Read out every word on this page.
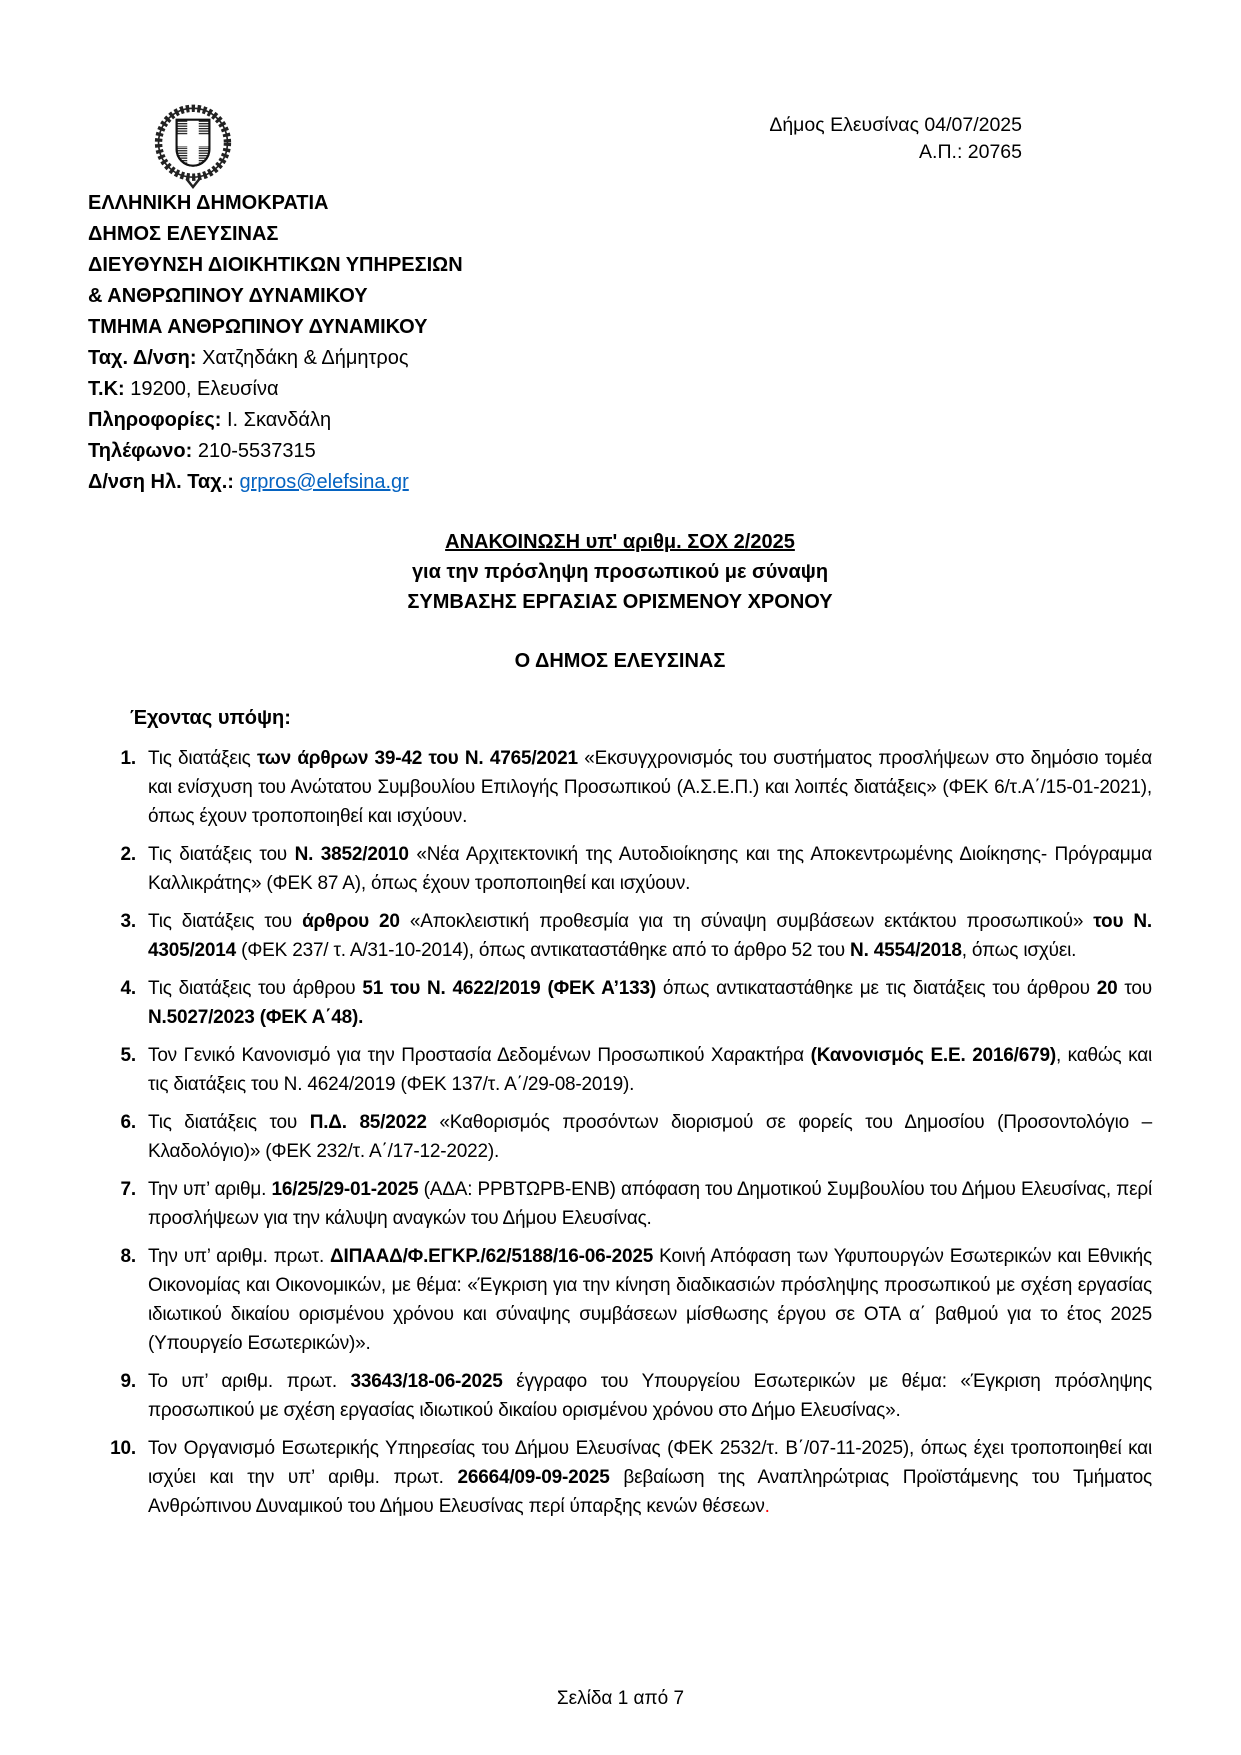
Δήμος Ελευσίνας 04/07/2025
Α.Π.: 20765
ΕΛΛΗΝΙΚΗ ΔΗΜΟΚΡΑΤΙΑ
ΔΗΜΟΣ ΕΛΕΥΣΙΝΑΣ
ΔΙΕΥΘΥΝΣΗ ΔΙΟΙΚΗΤΙΚΩΝ ΥΠΗΡΕΣΙΩΝ
& ΑΝΘΡΩΠΙΝΟΥ ΔΥΝΑΜΙΚΟΥ
ΤΜΗΜΑ ΑΝΘΡΩΠΙΝΟΥ ΔΥΝΑΜΙΚΟΥ
Ταχ. Δ/νση: Χατζηδάκη & Δήμητρος
Τ.Κ: 19200, Ελευσίνα
Πληροφορίες: Ι. Σκανδάλη
Τηλέφωνο: 210-5537315
Δ/νση Ηλ. Ταχ.: grpros@elefsina.gr
ΑΝΑΚΟΙΝΩΣΗ υπ' αριθμ. ΣΟΧ 2/2025
για την πρόσληψη προσωπικού με σύναψη
ΣΥΜΒΑΣΗΣ ΕΡΓΑΣΙΑΣ ΟΡΙΣΜΕΝΟΥ ΧΡΟΝΟΥ
Ο ΔΗΜΟΣ ΕΛΕΥΣΙΝΑΣ
Έχοντας υπόψη:
1. Τις διατάξεις των άρθρων 39-42 του Ν. 4765/2021 «Εκσυγχρονισμός του συστήματος προσλήψεων στο δημόσιο τομέα και ενίσχυση του Ανώτατου Συμβουλίου Επιλογής Προσωπικού (Α.Σ.Ε.Π.) και λοιπές διατάξεις» (ΦΕΚ 6/τ.Α΄/15-01-2021), όπως έχουν τροποποιηθεί και ισχύουν.
2. Τις διατάξεις του Ν. 3852/2010 «Νέα Αρχιτεκτονική της Αυτοδιοίκησης και της Αποκεντρωμένης Διοίκησης- Πρόγραμμα Καλλικράτης» (ΦΕΚ 87 Α), όπως έχουν τροποποιηθεί και ισχύουν.
3. Τις διατάξεις του άρθρου 20 «Αποκλειστική προθεσμία για τη σύναψη συμβάσεων εκτάκτου προσωπικού» του Ν. 4305/2014 (ΦΕΚ 237/ τ. Α/31-10-2014), όπως αντικαταστάθηκε από το άρθρο 52 του Ν. 4554/2018, όπως ισχύει.
4. Τις διατάξεις του άρθρου 51 του Ν. 4622/2019 (ΦΕΚ Α’133) όπως αντικαταστάθηκε με τις διατάξεις του άρθρου 20 του Ν.5027/2023 (ΦΕΚ Α΄48).
5. Τον Γενικό Κανονισμό για την Προστασία Δεδομένων Προσωπικού Χαρακτήρα (Κανονισμός Ε.Ε. 2016/679), καθώς και τις διατάξεις του Ν. 4624/2019 (ΦΕΚ 137/τ. Α΄/29-08-2019).
6. Τις διατάξεις του Π.Δ. 85/2022 «Καθορισμός προσόντων διορισμού σε φορείς του Δημοσίου (Προσοντολόγιο – Κλαδολόγιο)» (ΦΕΚ 232/τ. Α΄/17-12-2022).
7. Την υπ’ αριθμ. 16/25/29-01-2025 (ΑΔΑ: ΡΡΒΤΩΡΒ-ΕΝΒ) απόφαση του Δημοτικού Συμβουλίου του Δήμου Ελευσίνας, περί προσλήψεων για την κάλυψη αναγκών του Δήμου Ελευσίνας.
8. Την υπ’ αριθμ. πρωτ. ΔΙΠΑΑΔ/Φ.ΕΓΚΡ./62/5188/16-06-2025 Κοινή Απόφαση των Υφυπουργών Εσωτερικών και Εθνικής Οικονομίας και Οικονομικών, με θέμα: «Έγκριση για την κίνηση διαδικασιών πρόσληψης προσωπικού με σχέση εργασίας ιδιωτικού δικαίου ορισμένου χρόνου και σύναψης συμβάσεων μίσθωσης έργου σε ΟΤΑ α΄ βαθμού για το έτος 2025 (Υπουργείο Εσωτερικών)».
9. Το υπ’ αριθμ. πρωτ. 33643/18-06-2025 έγγραφο του Υπουργείου Εσωτερικών με θέμα: «Έγκριση πρόσληψης προσωπικού με σχέση εργασίας ιδιωτικού δικαίου ορισμένου χρόνου στο Δήμο Ελευσίνας».
10. Τον Οργανισμό Εσωτερικής Υπηρεσίας του Δήμου Ελευσίνας (ΦΕΚ 2532/τ. Β΄/07-11-2025), όπως έχει τροποποιηθεί και ισχύει και την υπ’ αριθμ. πρωτ. 26664/09-09-2025 βεβαίωση της Αναπληρώτριας Προϊστάμενης του Τμήματος Ανθρώπινου Δυναμικού του Δήμου Ελευσίνας περί ύπαρξης κενών θέσεων.
Σελίδα 1 από 7
